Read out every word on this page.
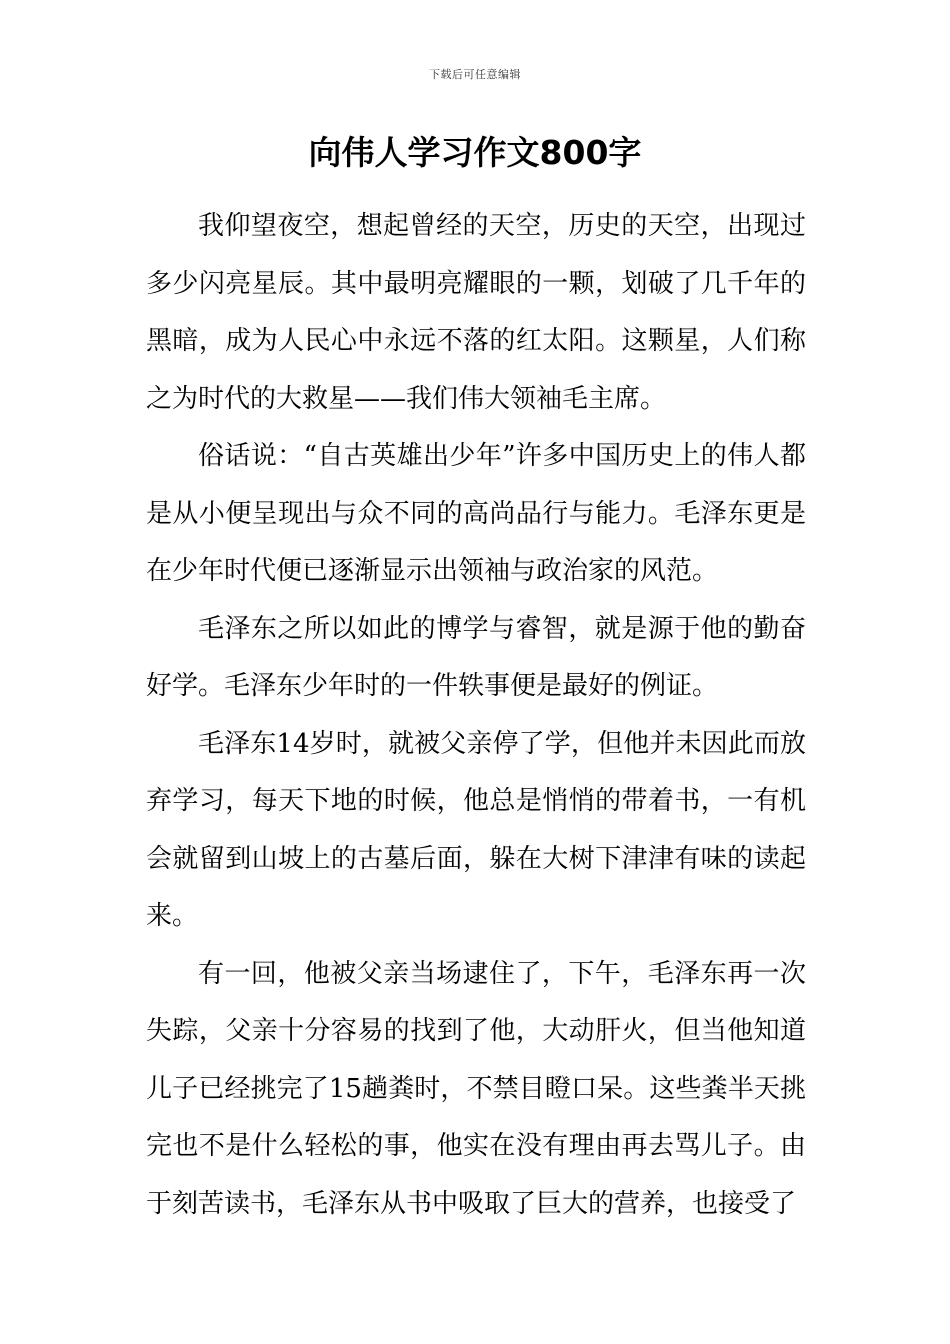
下载后可任意编辑
向伟人学习作文800字

我仰望夜空，想起曾经的天空，历史的天空，出现过多少闪亮星辰。其中最明亮耀眼的一颗，划破了几千年的黑暗，成为人民心中永远不落的红太阳。这颗星，人们称之为时代的大救星——我们伟大领袖毛主席。

俗话说：“自古英雄出少年”许多中国历史上的伟人都是从小便呈现出与众不同的高尚品行与能力。毛泽东更是在少年时代便已逐渐显示出领袖与政治家的风范。

毛泽东之所以如此的博学与睿智，就是源于他的勤奋好学。毛泽东少年时的一件轶事便是最好的例证。

毛泽东14岁时，就被父亲停了学，但他并未因此而放弃学习，每天下地的时候，他总是悄悄的带着书，一有机会就留到山坡上的古墓后面，躲在大树下津津有味的读起来。

有一回，他被父亲当场逮住了，下午，毛泽东再一次失踪，父亲十分容易的找到了他，大动肝火，但当他知道儿子已经挑完了15趟粪时，不禁目瞪口呆。这些粪半天挑完也不是什么轻松的事，他实在没有理由再去骂儿子。由于刻苦读书，毛泽东从书中吸取了巨大的营养，也接受了
